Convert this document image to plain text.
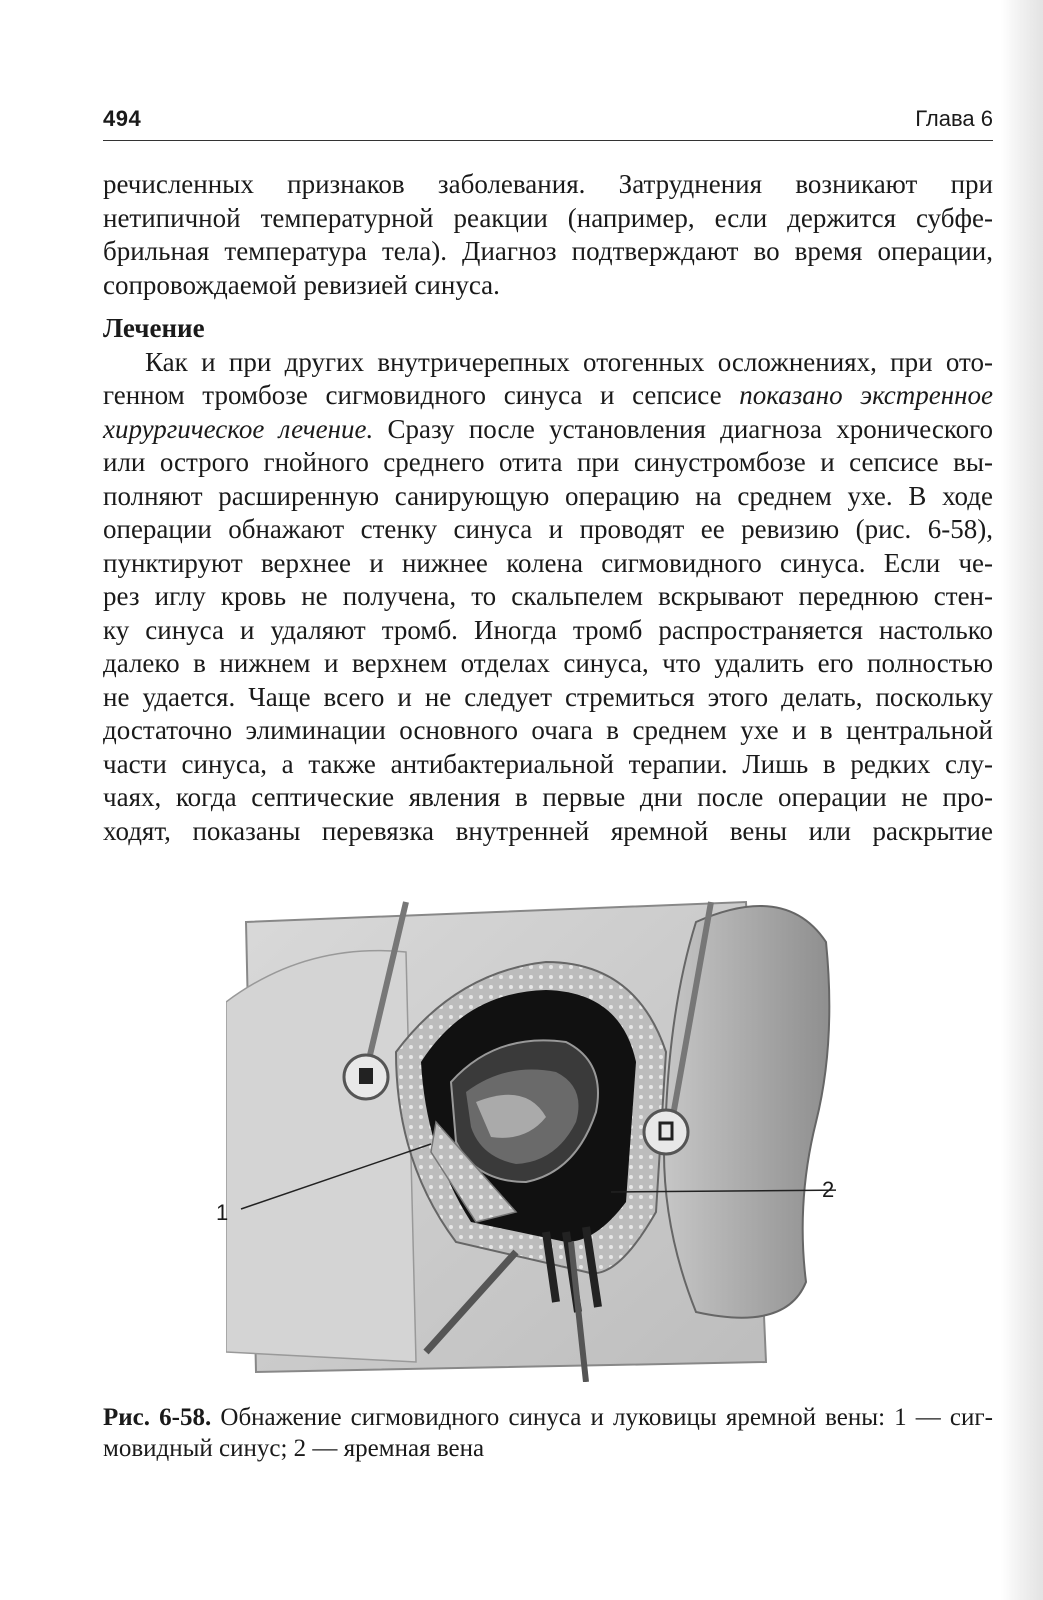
494	Глава 6

речисленных признаков заболевания. Затруднения возникают при

нетипичной температурной реакции (например, если держится субфе-

брильная температура тела). Диагноз подтверждают во время операции,

сопровождаемой ревизией синуса.

Лечение

Как и при других внутричерепных отогенных осложнениях, при ото-

генном тромбозе сигмовидного синуса и сепсисе показано экстренное

хирургическое лечение. Сразу после установления диагноза хронического

или острого гнойного среднего отита при синустромбозе и сепсисе вы-

полняют расширенную санирующую операцию на среднем ухе. В ходе

операции обнажают стенку синуса и проводят ее ревизию (рис. 6-58),

пунктируют верхнее и нижнее колена сигмовидного синуса. Если че-

рез иглу кровь не получена, то скальпелем вскрывают переднюю стен-

ку синуса и удаляют тромб. Иногда тромб распространяется настолько

далеко в нижнем и верхнем отделах синуса, что удалить его полностью

не удается. Чаще всего и не следует стремиться этого делать, поскольку

достаточно элиминации основного очага в среднем ухе и в центральной

части синуса, а также антибактериальной терапии. Лишь в редких слу-

чаях, когда септические явления в первые дни после операции не про-

ходят, показаны перевязка внутренней яремной вены или раскрытие

1
2

Рис. 6-58. Обнажение сигмовидного синуса и луковицы яремной вены: 1 — сиг-

мовидный синус; 2 — яремная вена
